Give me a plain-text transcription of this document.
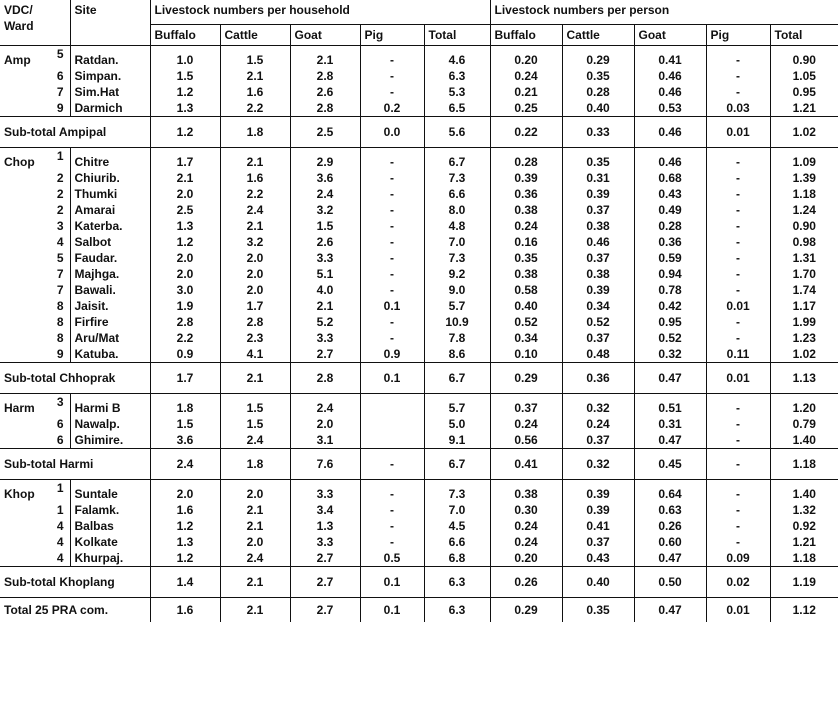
VDC/
Ward	Site	Livestock numbers per household					Livestock numbers per person				
		Buffalo	Cattle	Goat	Pig	Total	Buffalo	Cattle	Goat	Pig	Total
Amp 5	Ratdan.	1.0	1.5	2.1	-	4.6	0.20	0.29	0.41	-	0.90

6	Simpan.	1.5	2.1	2.8	-	6.3	0.24	0.35	0.46	-	1.05

7	Sim.Hat	1.2	1.6	2.6	-	5.3	0.21	0.28	0.46	-	0.95

9	Darmich	1.3	2.2	2.8	0.2	6.5	0.25	0.40	0.53	0.03	1.21
Sub-total Ampipal		1.2	1.8	2.5	0.0	5.6	0.22	0.33	0.46	0.01	1.02
Chop 1	Chitre	1.7	2.1	2.9	-	6.7	0.28	0.35	0.46	-	1.09

2	Chiurib.	2.1	1.6	3.6	-	7.3	0.39	0.31	0.68	-	1.39

2	Thumki	2.0	2.2	2.4	-	6.6	0.36	0.39	0.43	-	1.18

2	Amarai	2.5	2.4	3.2	-	8.0	0.38	0.37	0.49	-	1.24

3	Katerba.	1.3	2.1	1.5	-	4.8	0.24	0.38	0.28	-	0.90

4	Salbot	1.2	3.2	2.6	-	7.0	0.16	0.46	0.36	-	0.98

5	Faudar.	2.0	2.0	3.3	-	7.3	0.35	0.37	0.59	-	1.31

7	Majhga.	2.0	2.0	5.1	-	9.2	0.38	0.38	0.94	-	1.70

7	Bawali.	3.0	2.0	4.0	-	9.0	0.58	0.39	0.78	-	1.74

8	Jaisit.	1.9	1.7	2.1	0.1	5.7	0.40	0.34	0.42	0.01	1.17

8	Firfire	2.8	2.8	5.2	-	10.9	0.52	0.52	0.95	-	1.99

8	Aru/Mat	2.2	2.3	3.3	-	7.8	0.34	0.37	0.52	-	1.23

9	Katuba.	0.9	4.1	2.7	0.9	8.6	0.10	0.48	0.32	0.11	1.02
Sub-total Chhoprak		1.7	2.1	2.8	0.1	6.7	0.29	0.36	0.47	0.01	1.13
Harm 3	Harmi B	1.8	1.5	2.4		5.7	0.37	0.32	0.51	-	1.20

6	Nawalp.	1.5	1.5	2.0		5.0	0.24	0.24	0.31	-	0.79

6	Ghimire.	3.6	2.4	3.1		9.1	0.56	0.37	0.47	-	1.40
Sub-total Harmi		2.4	1.8	7.6	-	6.7	0.41	0.32	0.45	-	1.18
Khop 1	Suntale	2.0	2.0	3.3	-	7.3	0.38	0.39	0.64	-	1.40

1	Falamk.	1.6	2.1	3.4	-	7.0	0.30	0.39	0.63	-	1.32

4	Balbas	1.2	2.1	1.3	-	4.5	0.24	0.41	0.26	-	0.92

4	Kolkate	1.3	2.0	3.3	-	6.6	0.24	0.37	0.60	-	1.21

4	Khurpaj.	1.2	2.4	2.7	0.5	6.8	0.20	0.43	0.47	0.09	1.18
Sub-total Khoplang		1.4	2.1	2.7	0.1	6.3	0.26	0.40	0.50	0.02	1.19
Total 25 PRA com.		1.6	2.1	2.7	0.1	6.3	0.29	0.35	0.47	0.01	1.12
